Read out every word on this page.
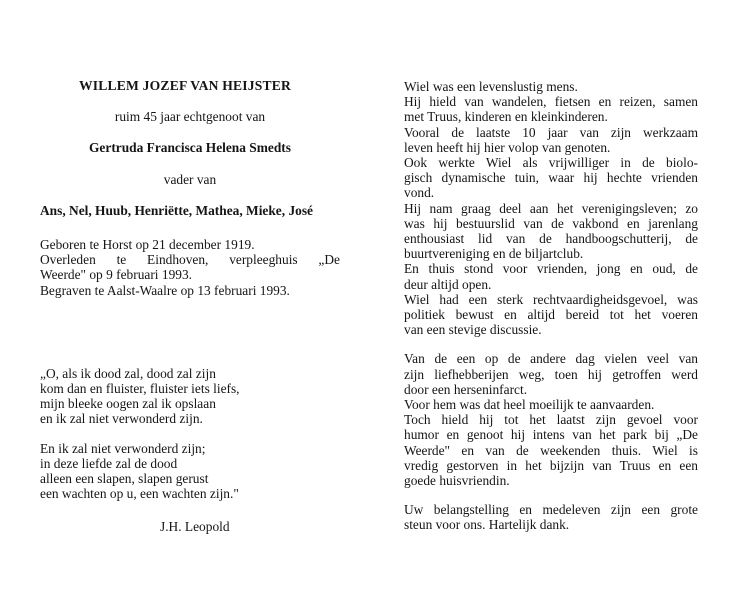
WILLEM JOZEF VAN HEIJSTER

ruim 45 jaar echtgenoot van

Gertruda Francisca Helena Smedts

vader van

Ans, Nel, Huub, Henriëtte, Mathea, Mieke, José

Geboren te Horst op 21 december 1919.

Overleden te Eindhoven, verpleeghuis „De

Weerde" op 9 februari 1993.

Begraven te Aalst-Waalre op 13 februari 1993.

„O, als ik dood zal, dood zal zijn

kom dan en fluister, fluister iets liefs,

mijn bleeke oogen zal ik opslaan

en ik zal niet verwonderd zijn.

En ik zal niet verwonderd zijn;

in deze liefde zal de dood

alleen een slapen, slapen gerust

een wachten op u, een wachten zijn."

J.H. Leopold

Wiel was een levenslustig mens.

Hij hield van wandelen, fietsen en reizen, samen

met Truus, kinderen en kleinkinderen.

Vooral de laatste 10 jaar van zijn werkzaam

leven heeft hij hier volop van genoten.

Ook werkte Wiel als vrijwilliger in de biolo-

gisch dynamische tuin, waar hij hechte vrienden

vond.

Hij nam graag deel aan het verenigingsleven; zo

was hij bestuurslid van de vakbond en jarenlang

enthousiast lid van de handboogschutterij, de

buurtvereniging en de biljartclub.

En thuis stond voor vrienden, jong en oud, de

deur altijd open.

Wiel had een sterk rechtvaardigheidsgevoel, was

politiek bewust en altijd bereid tot het voeren

van een stevige discussie.

Van de een op de andere dag vielen veel van

zijn liefhebberijen weg, toen hij getroffen werd

door een herseninfarct.

Voor hem was dat heel moeilijk te aanvaarden.

Toch hield hij tot het laatst zijn gevoel voor

humor en genoot hij intens van het park bij „De

Weerde" en van de weekenden thuis. Wiel is

vredig gestorven in het bijzijn van Truus en een

goede huisvriendin.

Uw belangstelling en medeleven zijn een grote

steun voor ons. Hartelijk dank.
